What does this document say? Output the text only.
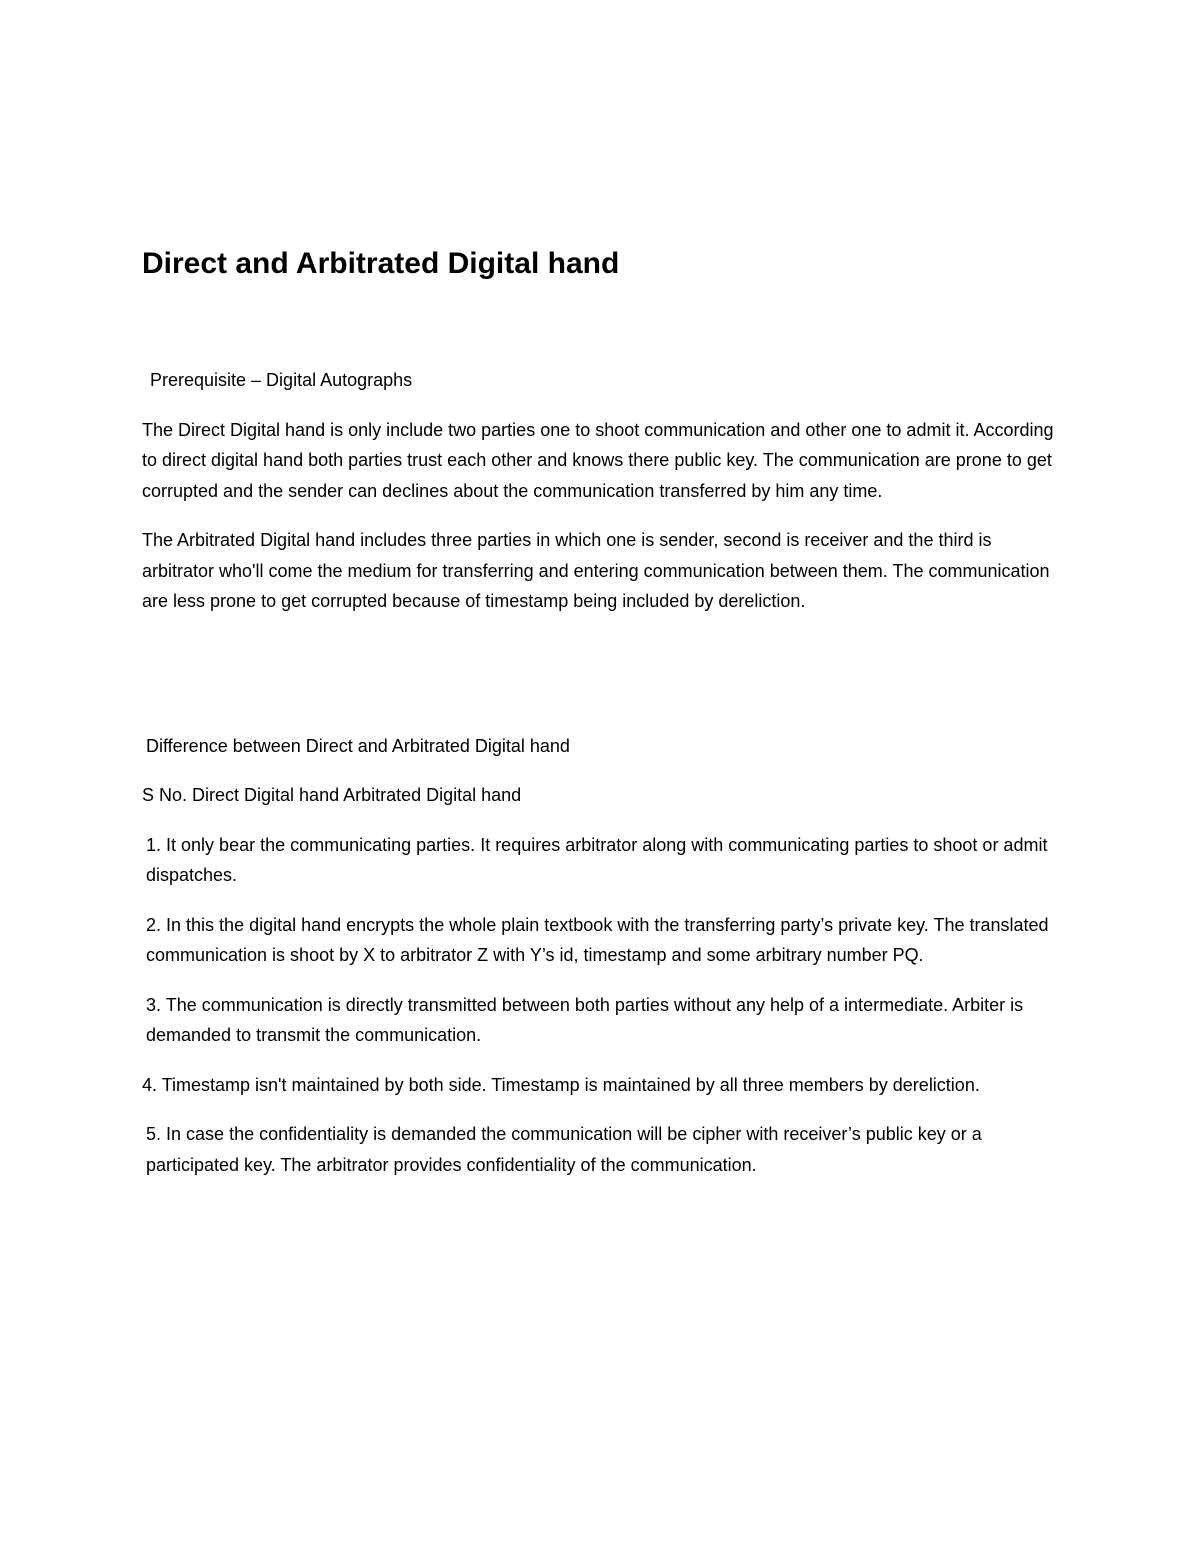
Direct and Arbitrated Digital hand

Prerequisite – Digital Autographs

The Direct Digital hand is only include two parties one to shoot communication and other one to admit it. According to direct digital hand both parties trust each other and knows there public key. The communication are prone to get corrupted and the sender can declines about the communication transferred by him any time.

The Arbitrated Digital hand includes three parties in which one is sender, second is receiver and the third is arbitrator who'll come the medium for transferring and entering communication between them. The communication are less prone to get corrupted because of timestamp being included by dereliction.

Difference between Direct and Arbitrated Digital hand

S No. Direct Digital hand Arbitrated Digital hand

1. It only bear the communicating parties. It requires arbitrator along with communicating parties to shoot or admit dispatches.

2. In this the digital hand encrypts the whole plain textbook with the transferring party’s private key. The translated communication is shoot by X to arbitrator Z with Y’s id, timestamp and some arbitrary number PQ.

3. The communication is directly transmitted between both parties without any help of a intermediate. Arbiter is demanded to transmit the communication.

4. Timestamp isn't maintained by both side. Timestamp is maintained by all three members by dereliction.

5. In case the confidentiality is demanded the communication will be cipher with receiver’s public key or a participated key. The arbitrator provides confidentiality of the communication.
